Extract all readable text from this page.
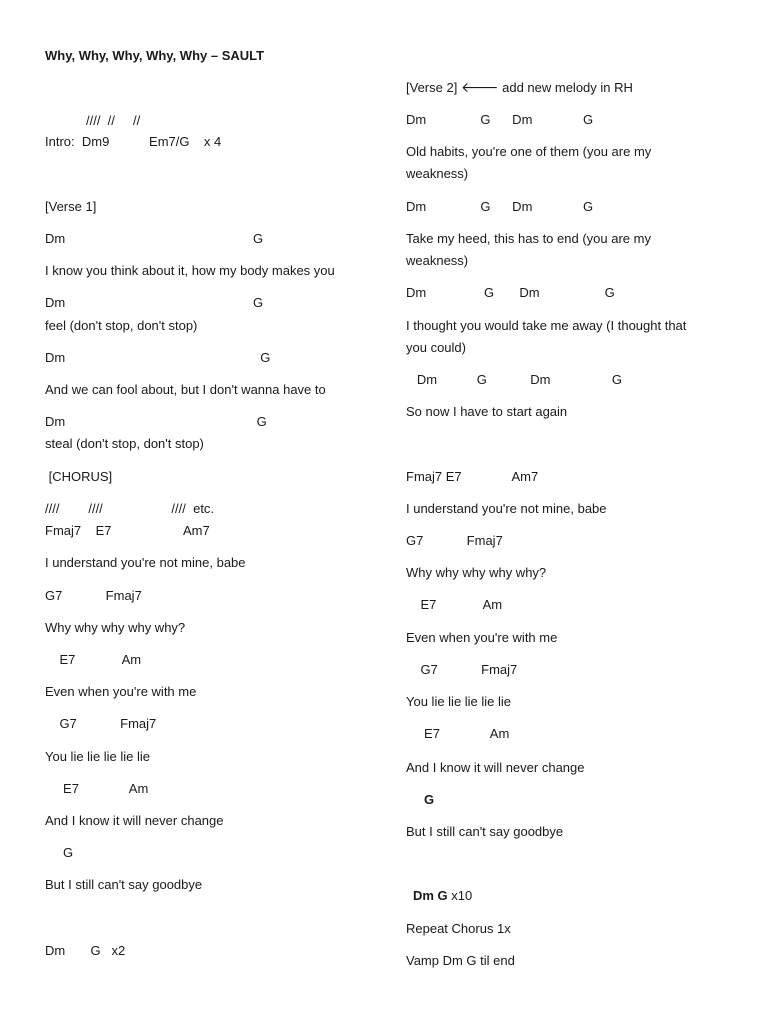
Why, Why, Why, Why, Why – SAULT
////  //     //
Intro:  Dm9           Em7/G    x 4
[Verse 1]
Dm                                                    G
I know you think about it, how my body makes you
Dm                                                    G
feel (don't stop, don't stop)
Dm                                                      G
And we can fool about, but I don't wanna have to
Dm                                                     G
steal (don't stop, don't stop)
[CHORUS]
////        ////                   ////  etc.
Fmaj7    E7                    Am7
I understand you're not mine, babe
G7            Fmaj7
Why why why why why?
E7             Am
Even when you're with me
G7            Fmaj7
You lie lie lie lie lie
E7              Am
And I know it will never change
G
But I still can't say goodbye
Dm       G   x2
[Verse 2] 🡐 add new melody in RH
Dm               G      Dm              G
Old habits, you're one of them (you are my
weakness)
Dm               G      Dm              G
Take my heed, this has to end (you are my
weakness)
Dm                G       Dm                  G
I thought you would take me away (I thought that
you could)
Dm           G            Dm                 G
So now I have to start again
Fmaj7 E7              Am7
I understand you're not mine, babe
G7            Fmaj7
Why why why why why?
E7             Am
Even when you're with me
G7            Fmaj7
You lie lie lie lie lie
E7              Am
And I know it will never change
G
But I still can't say goodbye
Dm G x10
Repeat Chorus 1x
Vamp Dm G til end
